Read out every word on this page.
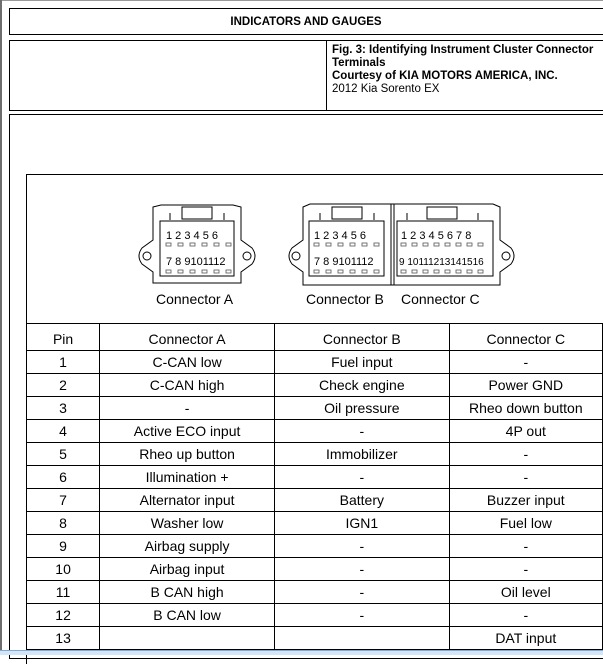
INDICATORS AND GAUGES
Fig. 3: Identifying Instrument Cluster Connector Terminals
Courtesy of KIA MOTORS AMERICA, INC.
2012 Kia Sorento EX
1 2 3 4 5 6
7 8 9101112
1 2 3 4 5 6
7 8 9101112
1 2 3 4 5 6 7 8
9 10111213141516
Connector A	Connector B Connector C
Pin	Connector A	Connector B	Connector C
1	C-CAN low	Fuel input	-
2	C-CAN high	Check engine	Power GND
3	-	Oil pressure	Rheo down button
4	Active ECO input	-	4P out
5	Rheo up button	Immobilizer	-
6	Illumination +	-	-
7	Alternator input	Battery	Buzzer input
8	Washer low	IGN1	Fuel low
9	Airbag supply	-	-
10	Airbag input	-	-
11	B CAN high	-	Oil level
12	B CAN low	-	-
13			DAT input
